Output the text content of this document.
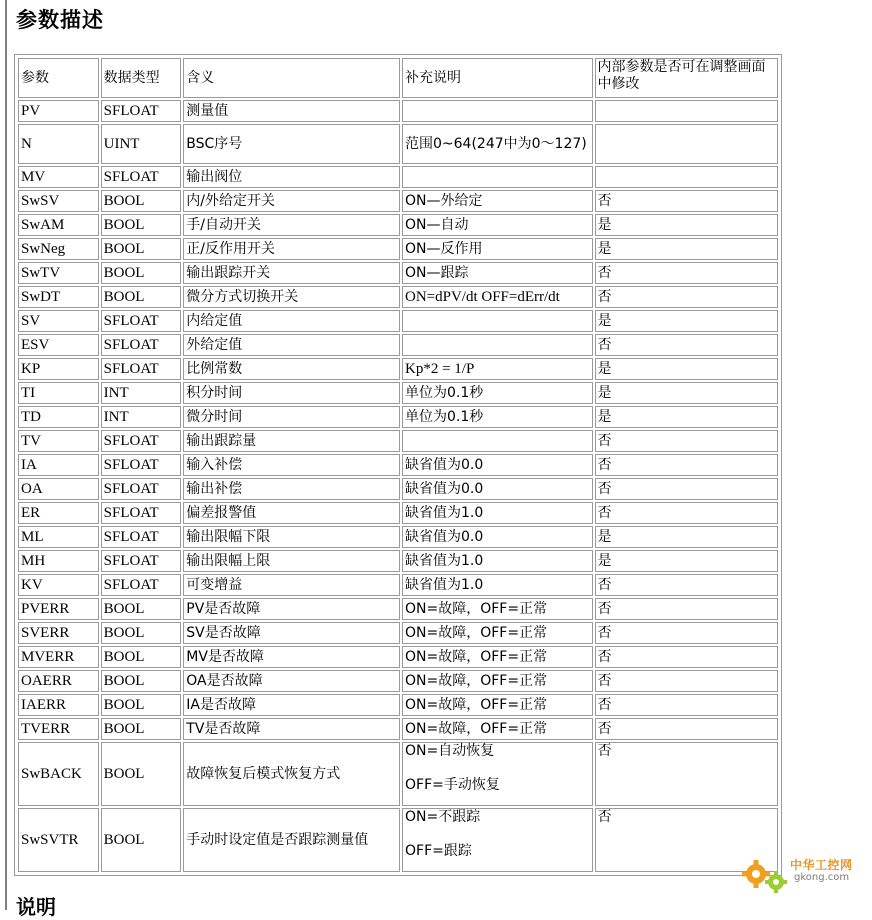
参数描述
参数	数据类型	含义	补充说明	内部参数是否可在调整画面中修改
PV	SFLOAT	测量值		
N	UINT	BSC序号	范围0~64(247中为0～127)	
MV	SFLOAT	输出阀位		
SwSV	BOOL	内/外给定开关	ON—外给定	否
SwAM	BOOL	手/自动开关	ON—自动	是
SwNeg	BOOL	正/反作用开关	ON—反作用	是
SwTV	BOOL	输出跟踪开关	ON—跟踪	否
SwDT	BOOL	微分方式切换开关	ON=dPV/dt OFF=dErr/dt	否
SV	SFLOAT	内给定值		是
ESV	SFLOAT	外给定值		否
KP	SFLOAT	比例常数	Kp*2 = 1/P	是
TI	INT	积分时间	单位为0.1秒	是
TD	INT	微分时间	单位为0.1秒	是
TV	SFLOAT	输出跟踪量		否
IA	SFLOAT	输入补偿	缺省值为0.0	否
OA	SFLOAT	输出补偿	缺省值为0.0	否
ER	SFLOAT	偏差报警值	缺省值为1.0	否
ML	SFLOAT	输出限幅下限	缺省值为0.0	是
MH	SFLOAT	输出限幅上限	缺省值为1.0	是
KV	SFLOAT	可变增益	缺省值为1.0	否
PVERR	BOOL	PV是否故障	ON=故障，OFF=正常	否
SVERR	BOOL	SV是否故障	ON=故障，OFF=正常	否
MVERR	BOOL	MV是否故障	ON=故障，OFF=正常	否
OAERR	BOOL	OA是否故障	ON=故障，OFF=正常	否
IAERR	BOOL	IA是否故障	ON=故障，OFF=正常	否
TVERR	BOOL	TV是否故障	ON=故障，OFF=正常	否
SwBACK	BOOL	故障恢复后模式恢复方式	ON=自动恢复

OFF=手动恢复	否
SwSVTR	BOOL	手动时设定值是否跟踪测量值	ON=不跟踪

OFF=跟踪	否
说明
中华工控网
gkong.com
